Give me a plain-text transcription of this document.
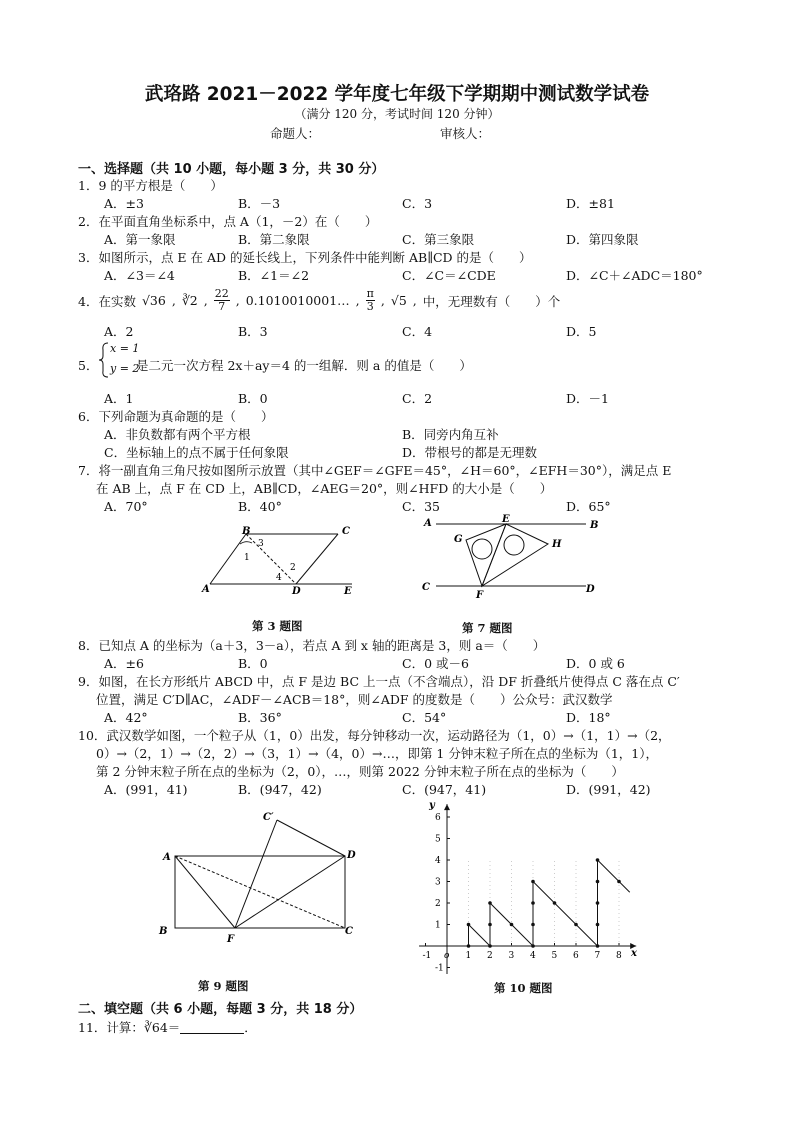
武珞路 2021－2022 学年度七年级下学期期中测试数学试卷
（满分 120 分，考试时间 120 分钟）
命题人：	审核人：
一、选择题（共 10 小题，每小题 3 分，共 30 分）
1．9 的平方根是（　　）
A．±3	B．－3	C．3	D．±81
2．在平面直角坐标系中，点 A（1，－2）在（　　）
A．第一象限	B．第二象限	C．第三象限	D．第四象限
3．如图所示，点 E 在 AD 的延长线上，下列条件中能判断 AB∥CD 的是（　　）
A．∠3＝∠4	B．∠1＝∠2	C．∠C＝∠CDE	D．∠C＋∠ADC＝180°
4．在实数 √36 , ∛2 , $\frac{22}{7}$ , 0.1010010001… , $\frac{\pi}{3}$ , √5 , 中，无理数有（　　）个
A．2	B．3	C．4	D．5
5．
x = 1
y = 2
是二元一次方程 2x＋ay＝4 的一组解．则 a 的值是（　　）
A．1	B．0	C．2	D．－1
6．下列命题为真命题的是（　　）
A．非负数都有两个平方根	B．同旁内角互补
C．坐标轴上的点不属于任何象限	D．带根号的都是无理数
7．将一副直角三角尺按如图所示放置（其中∠GEF＝∠GFE＝45°，∠H＝60°，∠EFH＝30°），满足点 E
在 AB 上，点 F 在 CD 上，AB∥CD，∠AEG＝20°，则∠HFD 的大小是（　　）
A．70°	B．40°	C．35	D．65°
B	C
A	D	E
1
2
3
4
第 3 题图
A	B
E
G	H
C	D
F
第 7 题图
8．已知点 A 的坐标为（a＋3，3－a），若点 A 到 x 轴的距离是 3，则 a＝（　　）
A．±6	B．0	C．0 或－6	D．0 或 6
9．如图，在长方形纸片 ABCD 中，点 F 是边 BC 上一点（不含端点），沿 DF 折叠纸片使得点 C 落在点 C′
位置，满足 C′D∥AC，∠ADF－∠ACB＝18°，则∠ADF 的度数是（　　）公众号：武汉数学
A．42°	B．36°	C．54°	D．18°
10．武汉数学如图，一个粒子从（1，0）出发，每分钟移动一次，运动路径为（1，0）→（1，1）→（2，
0）→（2，1）→（2，2）→（3，1）→（4，0）→…，即第 1 分钟末粒子所在点的坐标为（1，1），
第 2 分钟末粒子所在点的坐标为（2，0），…，则第 2022 分钟末粒子所在点的坐标为（　　）
A．(991，41)	B．(947，42)	C．(947，41)	D．(991，42)
A
B
D
C
F
C′
第 9 题图
-1	1 2 3 4 5 6 7 8
6
5
4
3
2
1
-1
x
y
o
第 10 题图
二、填空题（共 6 小题，每题 3 分，共 18 分）
11．计算：∛64＝	．
